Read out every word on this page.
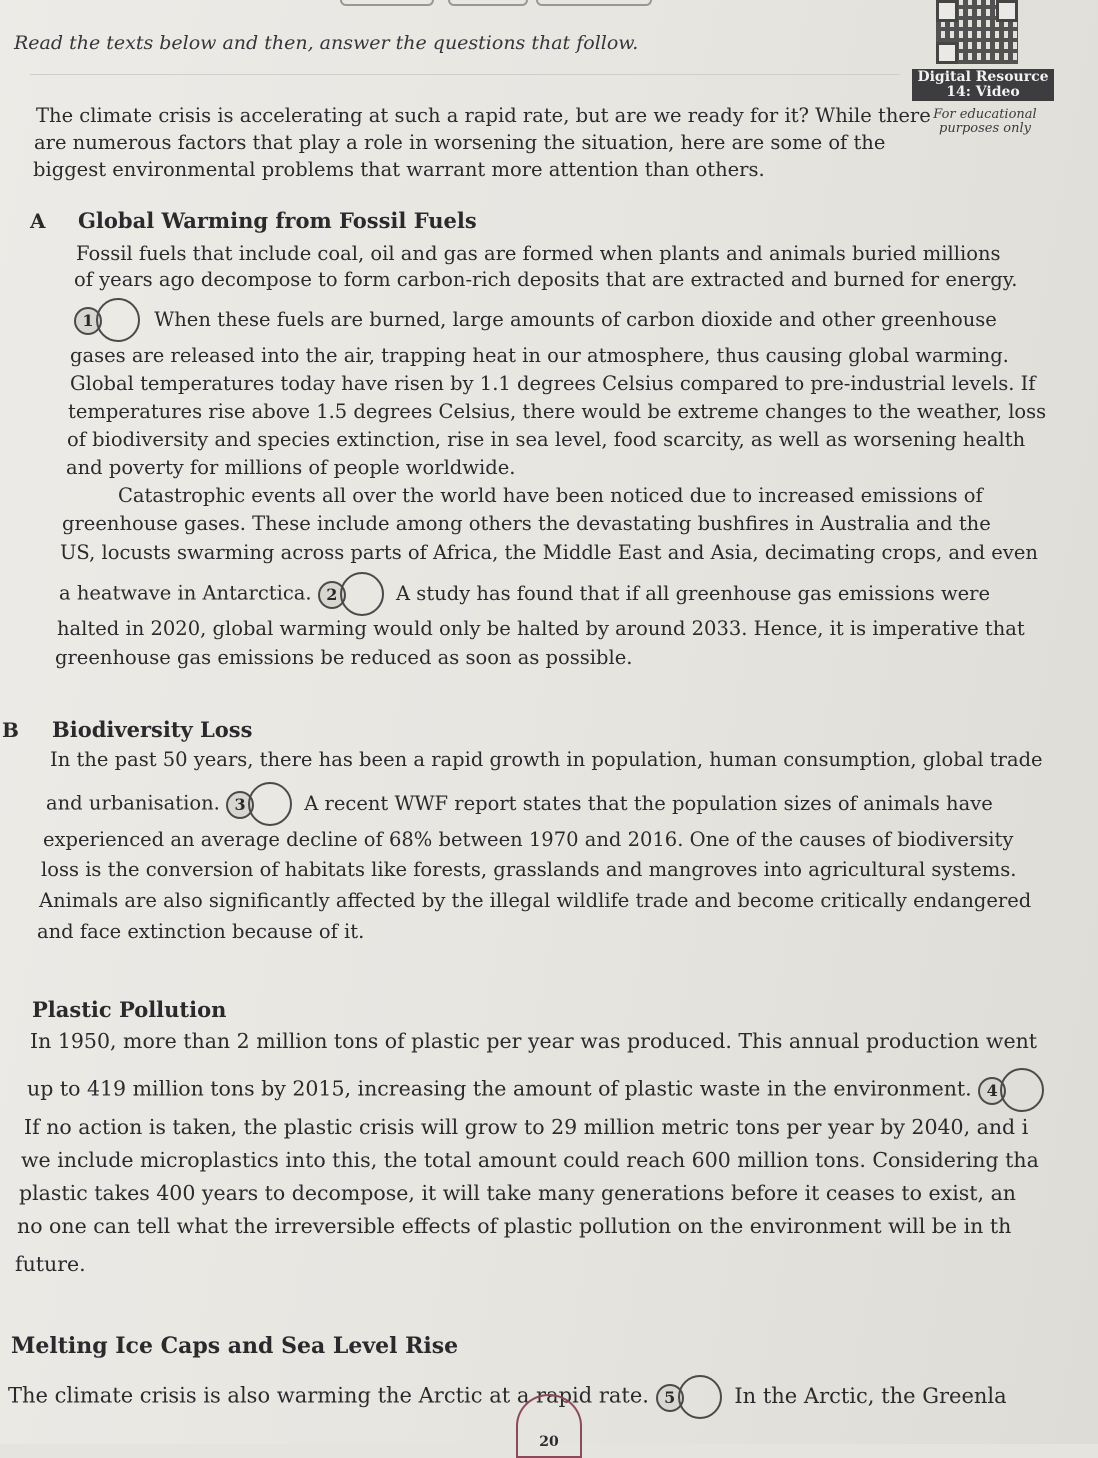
Read the texts below and then, answer the questions that follow.
Digital Resource 14: Video
For educational purposes only
The climate crisis is accelerating at such a rapid rate, but are we ready for it? While there
are numerous factors that play a role in worsening the situation, here are some of the
biggest environmental problems that warrant more attention than others.
A Global Warming from Fossil Fuels
Fossil fuels that include coal, oil and gas are formed when plants and animals buried millions
of years ago decompose to form carbon-rich deposits that are extracted and burned for energy.
1	When these fuels are burned, large amounts of carbon dioxide and other greenhouse
gases are released into the air, trapping heat in our atmosphere, thus causing global warming.
Global temperatures today have risen by 1.1 degrees Celsius compared to pre-industrial levels. If
temperatures rise above 1.5 degrees Celsius, there would be extreme changes to the weather, loss
of biodiversity and species extinction, rise in sea level, food scarcity, as well as worsening health
and poverty for millions of people worldwide.
Catastrophic events all over the world have been noticed due to increased emissions of
greenhouse gases. These include among others the devastating bushfires in Australia and the
US, locusts swarming across parts of Africa, the Middle East and Asia, decimating crops, and even
a heatwave in Antarctica. 2	A study has found that if all greenhouse gas emissions were
halted in 2020, global warming would only be halted by around 2033. Hence, it is imperative that
greenhouse gas emissions be reduced as soon as possible.
B Biodiversity Loss
In the past 50 years, there has been a rapid growth in population, human consumption, global trade
and urbanisation. 3	A recent WWF report states that the population sizes of animals have
experienced an average decline of 68% between 1970 and 2016. One of the causes of biodiversity
loss is the conversion of habitats like forests, grasslands and mangroves into agricultural systems.
Animals are also significantly affected by the illegal wildlife trade and become critically endangered
and face extinction because of it.
Plastic Pollution
In 1950, more than 2 million tons of plastic per year was produced. This annual production went
up to 419 million tons by 2015, increasing the amount of plastic waste in the environment. 4
If no action is taken, the plastic crisis will grow to 29 million metric tons per year by 2040, and i
we include microplastics into this, the total amount could reach 600 million tons. Considering tha
plastic takes 400 years to decompose, it will take many generations before it ceases to exist, an
no one can tell what the irreversible effects of plastic pollution on the environment will be in th
future.
Melting Ice Caps and Sea Level Rise
The climate crisis is also warming the Arctic at a rapid rate. 5	In the Arctic, the Greenla
20
